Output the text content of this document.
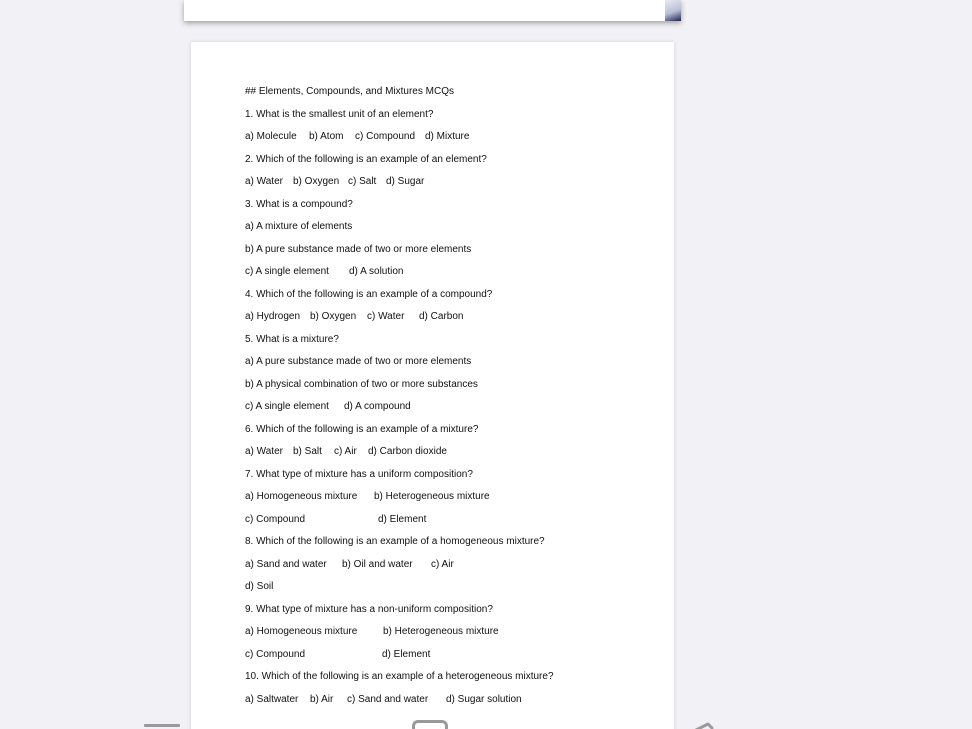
## Elements, Compounds, and Mixtures MCQs
1. What is the smallest unit of an element?

a) Molecule

b) Atom

c) Compound

d) Mixture

2. Which of the following is an example of an element?

a) Water

b) Oxygen

c) Salt

d) Sugar

3. What is a compound?
a) A mixture of elements
b) A pure substance made of two or more elements

c) A single element

d) A solution

4. Which of the following is an example of a compound?

a) Hydrogen

b) Oxygen

c) Water

d) Carbon

5. What is a mixture?
a) A pure substance made of two or more elements
b) A physical combination of two or more substances

c) A single element

d) A compound

6. Which of the following is an example of a mixture?

a) Water

b) Salt

c) Air

d) Carbon dioxide

7. What type of mixture has a uniform composition?

a) Homogeneous mixture

b) Heterogeneous mixture

c) Compound

	d) Element

8. Which of the following is an example of a homogeneous mixture?

a) Sand and water

b) Oil and water

c) Air

d) Soil
9. What type of mixture has a non-uniform composition?

a) Homogeneous mixture

	b) Heterogeneous mixture

c) Compound

	d) Element

10. Which of the following is an example of a heterogeneous mixture?

a) Saltwater

b) Air

c) Sand and water

d) Sugar solution
